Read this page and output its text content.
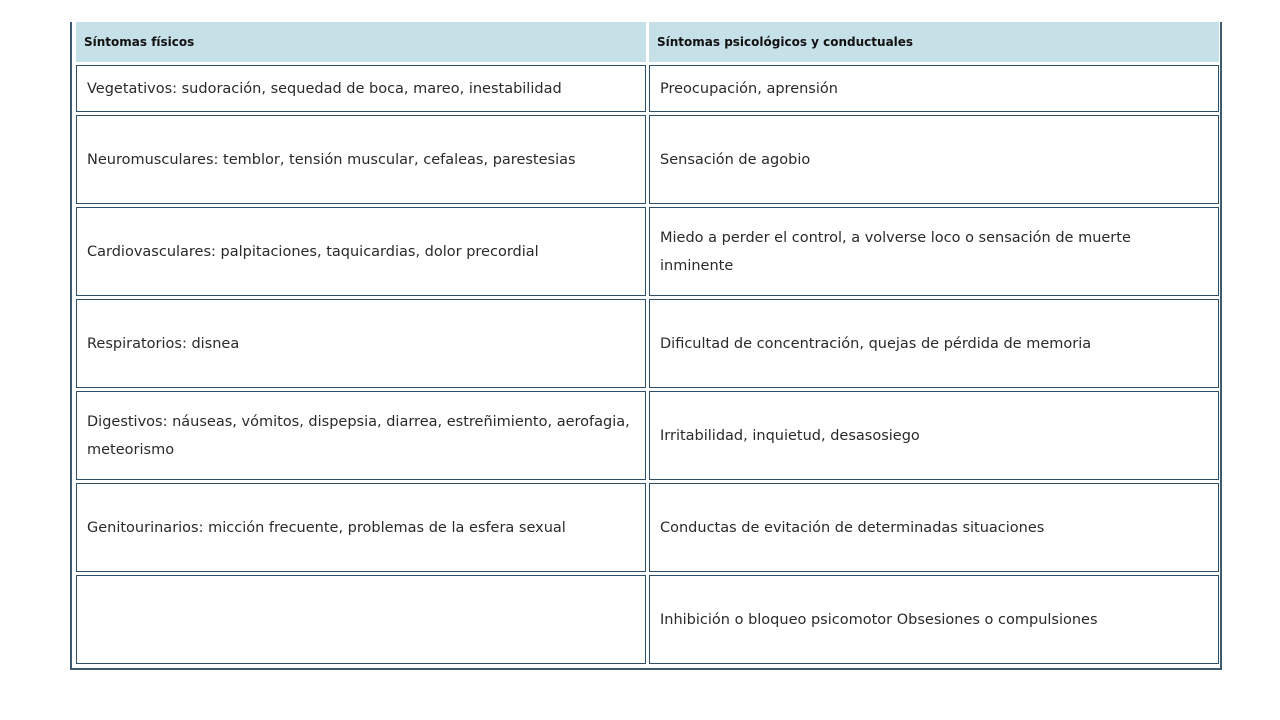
Síntomas físicos	Síntomas psicológicos y conductuales
Vegetativos: sudoración, sequedad de boca, mareo, inestabilidad	Preocupación, aprensión
Neuromusculares: temblor, tensión muscular, cefaleas, parestesias	Sensación de agobio
Cardiovasculares: palpitaciones, taquicardias, dolor precordial	Miedo a perder el control, a volverse loco o sensación de muerte inminente
Respiratorios: disnea	Dificultad de concentración, quejas de pérdida de memoria
Digestivos: náuseas, vómitos, dispepsia, diarrea, estreñimiento, aerofagia, meteorismo	Irritabilidad, inquietud, desasosiego
Genitourinarios: micción frecuente, problemas de la esfera sexual	Conductas de evitación de determinadas situaciones
	Inhibición o bloqueo psicomotor Obsesiones o compulsiones
